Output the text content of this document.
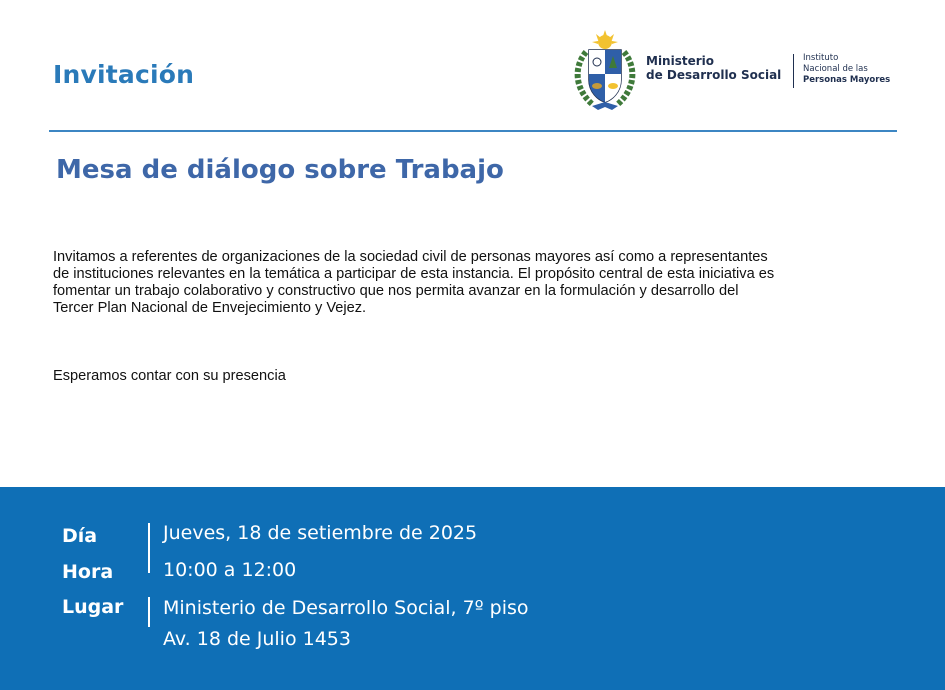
Invitación	Ministerio
de Desarrollo Social
Instituto
Nacional de las
Personas Mayores
Mesa de diálogo sobre Trabajo
Invitamos a referentes de organizaciones de la sociedad civil de personas mayores así como a representantes
de instituciones relevantes en la temática a participar de esta instancia. El propósito central de esta iniciativa es
fomentar un trabajo colaborativo y constructivo que nos permita avanzar en la formulación y desarrollo del
Tercer Plan Nacional de Envejecimiento y Vejez.
Esperamos contar con su presencia
Día
Hora
Lugar
Jueves, 18 de setiembre de 2025
10:00 a 12:00
Ministerio de Desarrollo Social, 7º piso
Av. 18 de Julio 1453
